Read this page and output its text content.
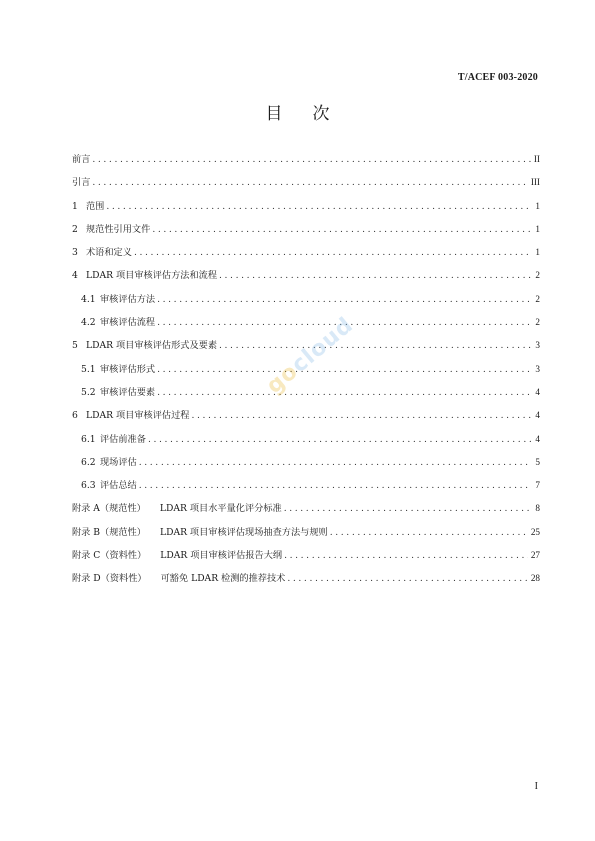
T/ACEF 003-2020
目 次
前言 .....	II
引言 .....	III
1 范围 .....	1
2 规范性引用文件 .....	1
3 术语和定义 .....	1
4 LDAR 项目审核评估方法和流程 .....	2
4.1 审核评估方法 .....	2
4.2 审核评估流程 .....	2
5 LDAR 项目审核评估形式及要素 .....	3
5.1 审核评估形式 .....	3
5.2 审核评估要素 .....	4
6 LDAR 项目审核评估过程 .....	4
6.1 评估前准备 .....	4
6.2 现场评估 .....	5
6.3 评估总结 .....	7
附录 A（规范性） LDAR 项目水平量化评分标准 .....	8
附录 B（规范性） LDAR 项目审核评估现场抽查方法与规则 .....	25
附录 C（资料性） LDAR 项目审核评估报告大纲 .....	27
附录 D（资料性） 可豁免 LDAR 检测的推荐技术 .....	28
gocloud
I
